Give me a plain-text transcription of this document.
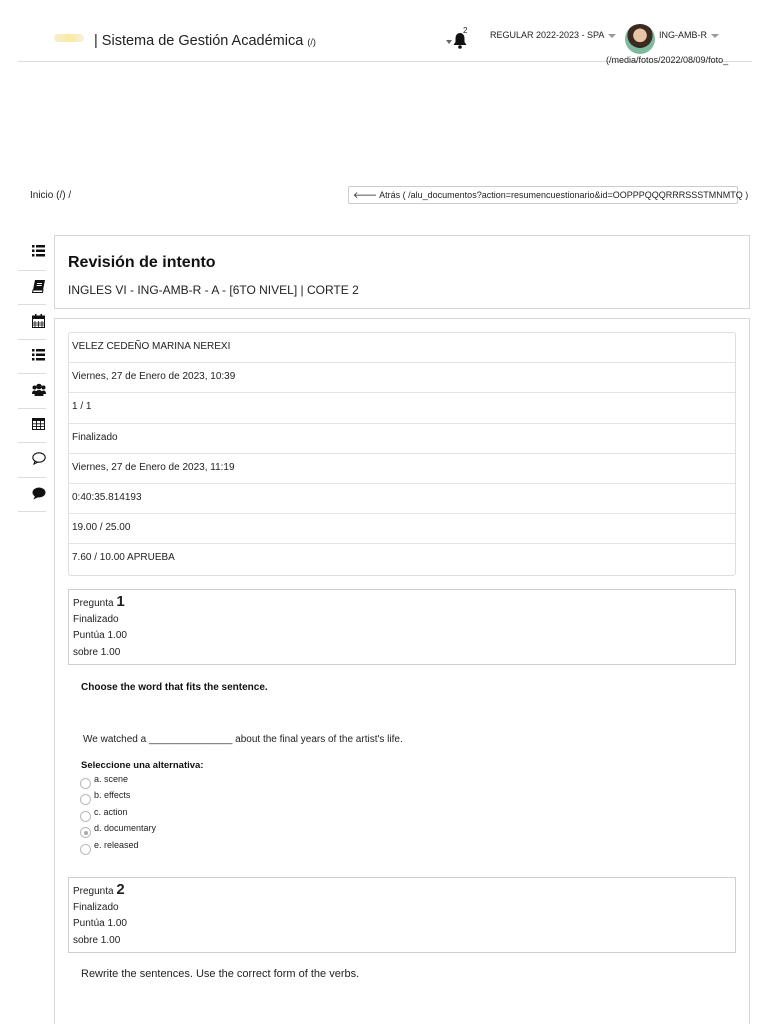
| Sistema de Gestión Académica (/)
2	REGULAR 2022-2023 - SPA	ING-AMB-R
(/media/fotos/2022/08/09/foto_
Inicio (/) /	🡐 Atrás ( /alu_documentos?action=resumencuestionario&id=OOPPPQQQRRRSSSTMNMTQ )
Revisión de intento
INGLES VI - ING-AMB-R - A - [6TO NIVEL] | CORTE 2
VELEZ CEDEÑO MARINA NEREXI
Viernes, 27 de Enero de 2023, 10:39
1 / 1
Finalizado
Viernes, 27 de Enero de 2023, 11:19
0:40:35.814193
19.00 / 25.00
7.60 / 10.00 APRUEBA
Pregunta 1
Finalizado
Puntúa 1.00
sobre 1.00
Choose the word that fits the sentence.
We watched a _______________ about the final years of the artist's life.
Seleccione una alternativa:
a. scene
b. effects
c. action
d. documentary
e. released
Pregunta 2
Finalizado
Puntúa 1.00
sobre 1.00
Rewrite the sentences. Use the correct form of the verbs.
